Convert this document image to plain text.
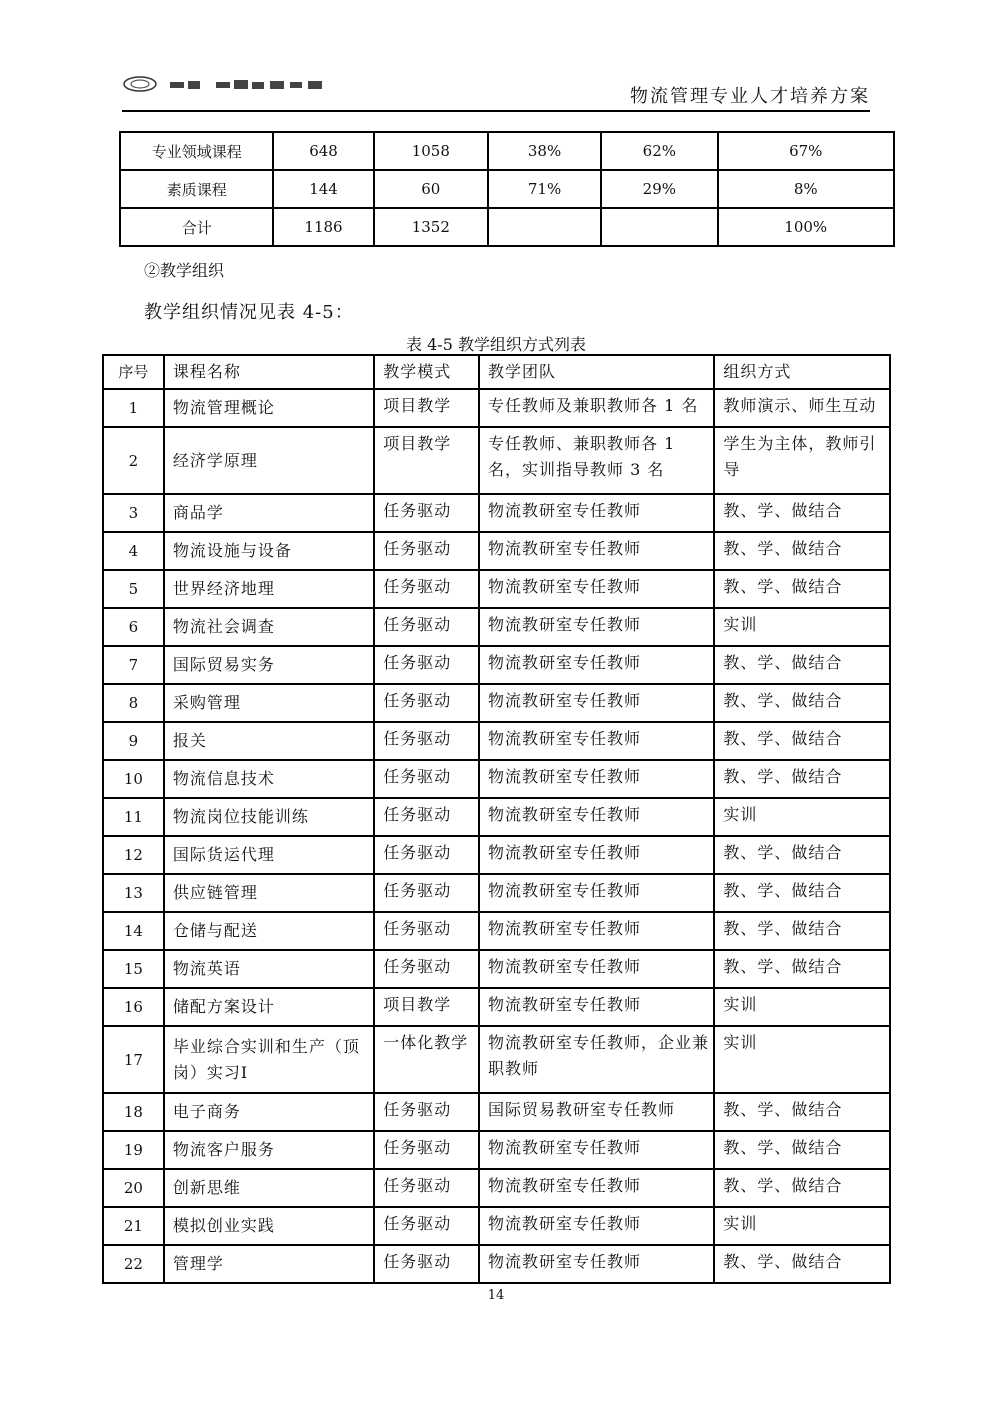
物流管理专业人才培养方案
专业领域课程	648	1058	38%	62%	67%
素质课程	144	60	71%	29%	8%
合计	1186	1352			100%
②教学组织
教学组织情况见表 4-5：
表 4-5 教学组织方式列表
序号	课程名称	教学模式	教学团队	组织方式
1	物流管理概论	项目教学	专任教师及兼职教师各 1 名	教师演示、师生互动
2	经济学原理	项目教学	专任教师、兼职教师各 1 名，实训指导教师 3 名	学生为主体，教师引导
3	商品学	任务驱动	物流教研室专任教师	教、学、做结合
4	物流设施与设备	任务驱动	物流教研室专任教师	教、学、做结合
5	世界经济地理	任务驱动	物流教研室专任教师	教、学、做结合
6	物流社会调查	任务驱动	物流教研室专任教师	实训
7	国际贸易实务	任务驱动	物流教研室专任教师	教、学、做结合
8	采购管理	任务驱动	物流教研室专任教师	教、学、做结合
9	报关	任务驱动	物流教研室专任教师	教、学、做结合
10	物流信息技术	任务驱动	物流教研室专任教师	教、学、做结合
11	物流岗位技能训练	任务驱动	物流教研室专任教师	实训
12	国际货运代理	任务驱动	物流教研室专任教师	教、学、做结合
13	供应链管理	任务驱动	物流教研室专任教师	教、学、做结合
14	仓储与配送	任务驱动	物流教研室专任教师	教、学、做结合
15	物流英语	任务驱动	物流教研室专任教师	教、学、做结合
16	储配方案设计	项目教学	物流教研室专任教师	实训
17	毕业综合实训和生产（顶岗）实习Ⅰ	一体化教学	物流教研室专任教师，企业兼职教师	实训
18	电子商务	任务驱动	国际贸易教研室专任教师	教、学、做结合
19	物流客户服务	任务驱动	物流教研室专任教师	教、学、做结合
20	创新思维	任务驱动	物流教研室专任教师	教、学、做结合
21	模拟创业实践	任务驱动	物流教研室专任教师	实训
22	管理学	任务驱动	物流教研室专任教师	教、学、做结合
14
